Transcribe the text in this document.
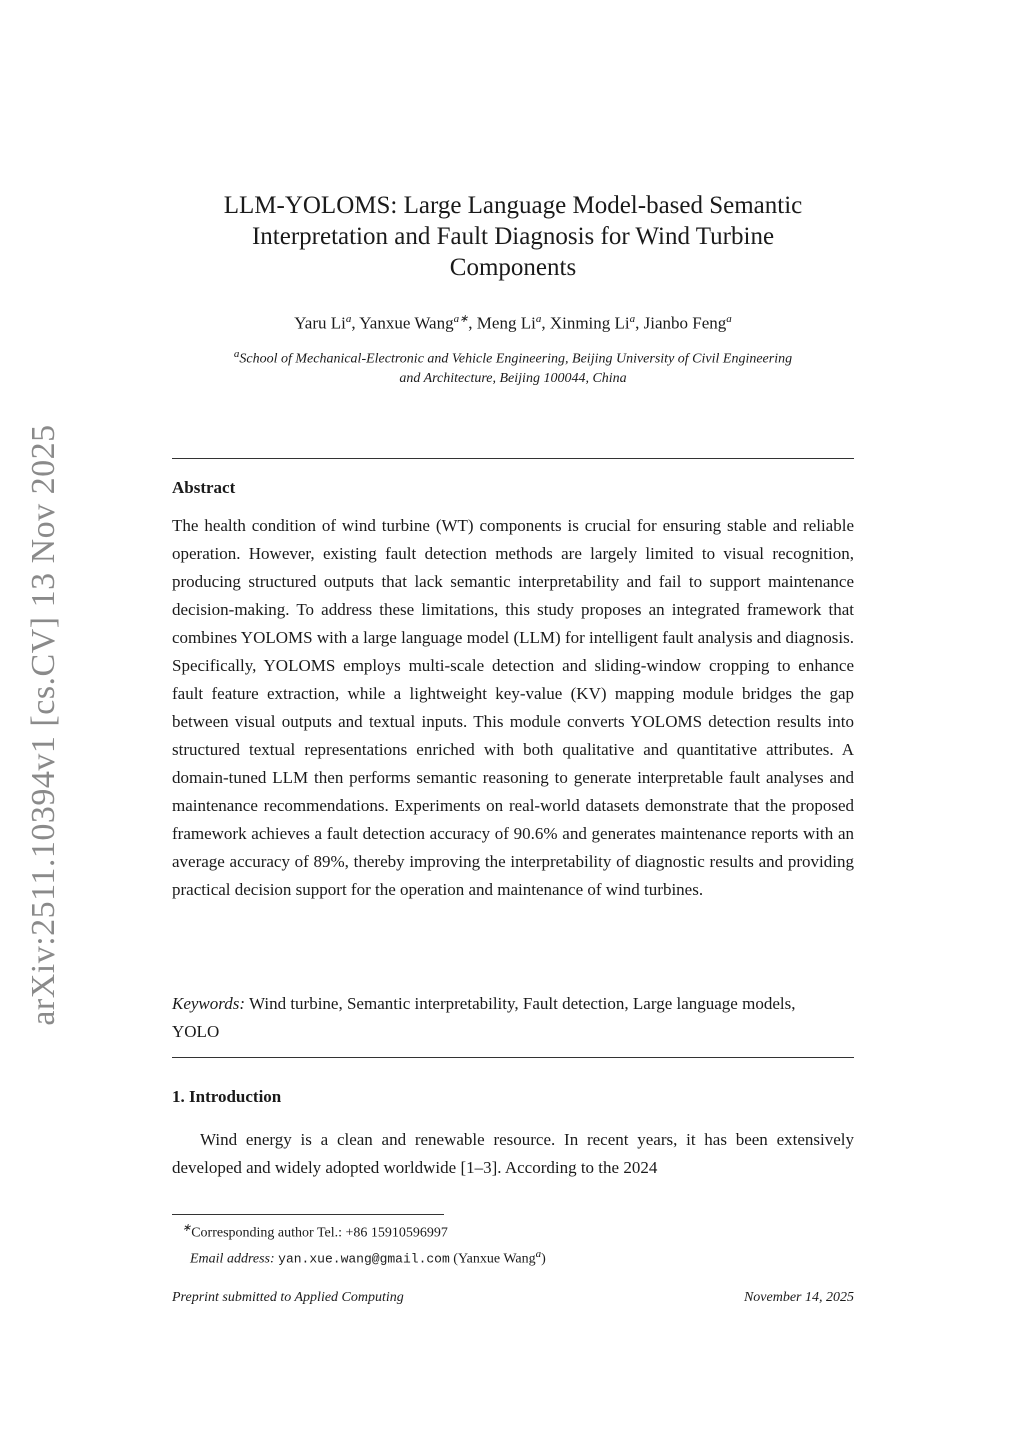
arXiv:2511.10394v1 [cs.CV] 13 Nov 2025
LLM-YOLOMS: Large Language Model-based Semantic
Interpretation and Fault Diagnosis for Wind Turbine
Components
Yaru Li$^a$, Yanxue Wang$^{a∗}$, Meng Li$^a$, Xinming Li$^a$, Jianbo Feng$^a$
$^a$School of Mechanical-Electronic and Vehicle Engineering, Beijing University of Civil Engineering
and Architecture, Beijing 100044, China
Abstract
The health condition of wind turbine (WT) components is crucial for ensuring stable and reliable operation. However, existing fault detection methods are largely limited to visual recognition, producing structured outputs that lack semantic interpretability and fail to support maintenance decision-making. To address these limitations, this study proposes an integrated framework that combines YOLOMS with a large language model (LLM) for intelligent fault analysis and diagnosis. Specifically, YOLOMS employs multi-scale detection and sliding-window cropping to enhance fault feature extraction, while a lightweight key-value (KV) mapping module bridges the gap between visual outputs and textual inputs. This module converts YOLOMS detection results into structured textual representations enriched with both qualitative and quantitative attributes. A domain-tuned LLM then performs semantic reasoning to generate interpretable fault analyses and maintenance recommendations. Experiments on real-world datasets demonstrate that the proposed framework achieves a fault detection accuracy of 90.6% and generates maintenance reports with an average accuracy of 89%, thereby improving the interpretability of diagnostic results and providing practical decision support for the operation and maintenance of wind turbines.
Keywords: Wind turbine, Semantic interpretability, Fault detection, Large language models, YOLO
1. Introduction
Wind energy is a clean and renewable resource. In recent years, it has been extensively developed and widely adopted worldwide [1–3]. According to the 2024
∗Corresponding author Tel.: +86 15910596997
Email address: yan.xue.wang@gmail.com (Yanxue Wang$^a$)
Preprint submitted to Applied Computing	November 14, 2025
